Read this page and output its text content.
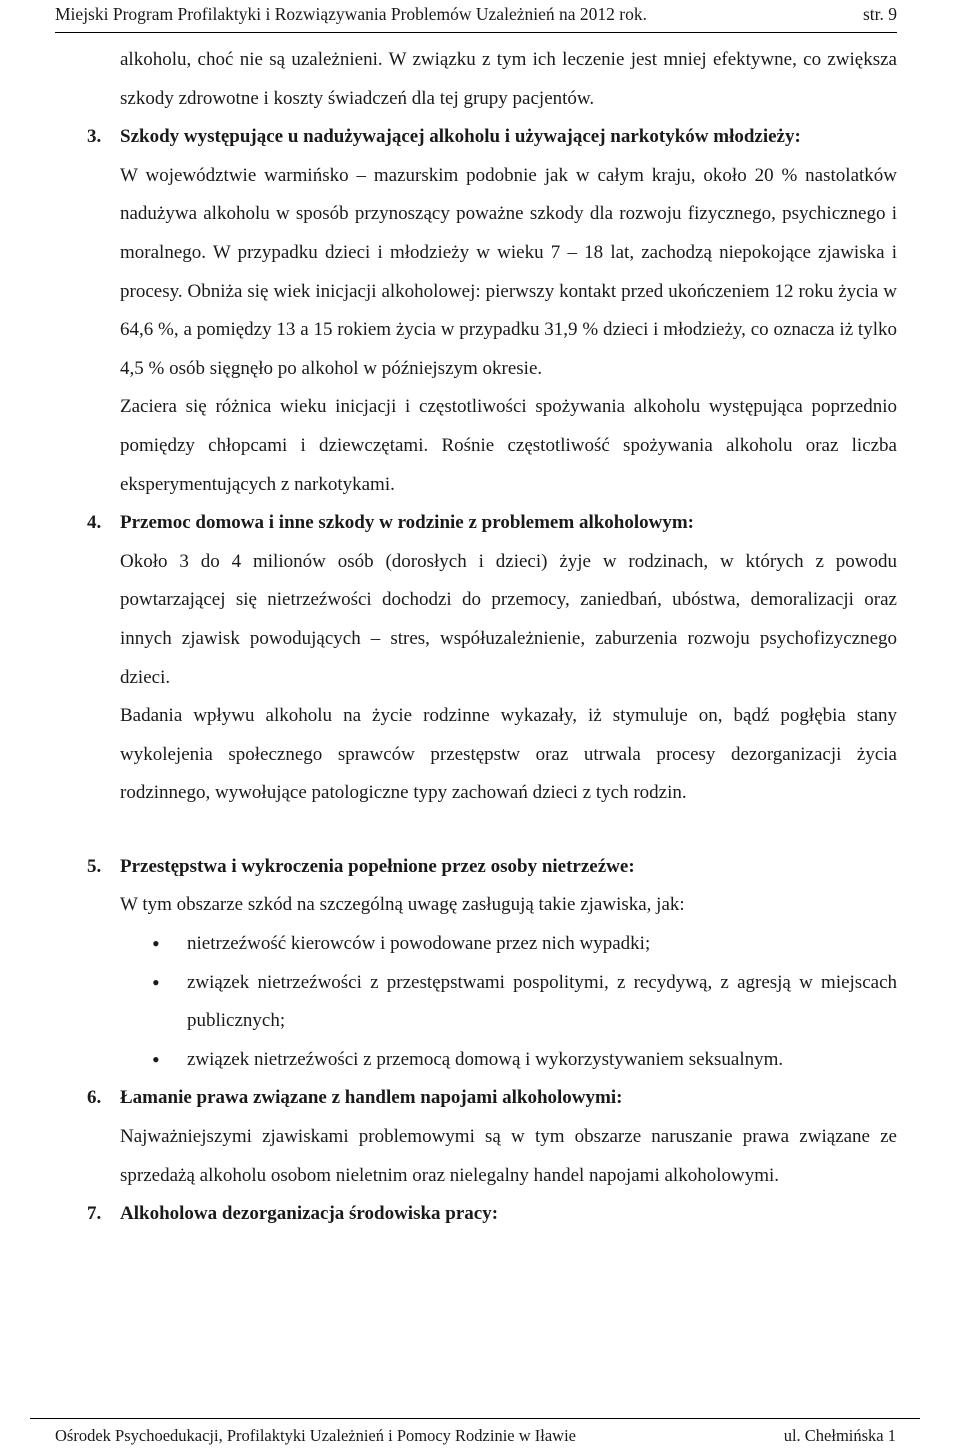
Miejski Program Profilaktyki i Rozwiązywania Problemów Uzależnień na 2012 rok.	str. 9

alkoholu, choć nie są uzależnieni. W związku z tym ich leczenie jest mniej efektywne, co zwiększa szkody zdrowotne i koszty świadczeń dla tej grupy pacjentów.

3. Szkody występujące u nadużywającej alkoholu i używającej narkotyków młodzieży:

W województwie warmińsko – mazurskim podobnie jak w całym kraju, około 20 % nastolatków nadużywa alkoholu w sposób przynoszący poważne szkody dla rozwoju fizycznego, psychicznego i moralnego. W przypadku dzieci i młodzieży w wieku 7 – 18 lat, zachodzą niepokojące zjawiska i procesy. Obniża się wiek inicjacji alkoholowej: pierwszy kontakt przed ukończeniem 12 roku życia w 64,6 %, a pomiędzy 13 a 15 rokiem życia w przypadku 31,9 % dzieci i młodzieży, co oznacza iż tylko 4,5 % osób sięgnęło po alkohol w późniejszym okresie.

Zaciera się różnica wieku inicjacji i częstotliwości spożywania alkoholu występująca poprzednio pomiędzy chłopcami i dziewczętami. Rośnie częstotliwość spożywania alkoholu oraz liczba eksperymentujących z narkotykami.

4. Przemoc domowa i inne szkody w rodzinie z problemem alkoholowym:

Około 3 do 4 milionów osób (dorosłych i dzieci) żyje w rodzinach, w których z powodu powtarzającej się nietrzeźwości dochodzi do przemocy, zaniedbań, ubóstwa, demoralizacji oraz innych zjawisk powodujących – stres, współuzależnienie, zaburzenia rozwoju psychofizycznego dzieci.

Badania wpływu alkoholu na życie rodzinne wykazały, iż stymuluje on, bądź pogłębia stany wykolejenia społecznego sprawców przestępstw oraz utrwala procesy dezorganizacji życia rodzinnego, wywołujące patologiczne typy zachowań dzieci z tych rodzin.

5. Przestępstwa i wykroczenia popełnione przez osoby nietrzeźwe:

W tym obszarze szkód na szczególną uwagę zasługują takie zjawiska, jak:

• nietrzeźwość kierowców i powodowane przez nich wypadki;
• związek nietrzeźwości z przestępstwami pospolitymi, z recydywą, z agresją w miejscach publicznych;
• związek nietrzeźwości z przemocą domową i wykorzystywaniem seksualnym.
6. Łamanie prawa związane z handlem napojami alkoholowymi:

Najważniejszymi zjawiskami problemowymi są w tym obszarze naruszanie prawa związane ze sprzedażą alkoholu osobom nieletnim oraz nielegalny handel napojami alkoholowymi.

7. Alkoholowa dezorganizacja środowiska pracy:
Ośrodek Psychoedukacji, Profilaktyki Uzależnień i Pomocy Rodzinie w Iławie	ul. Chełmińska 1
